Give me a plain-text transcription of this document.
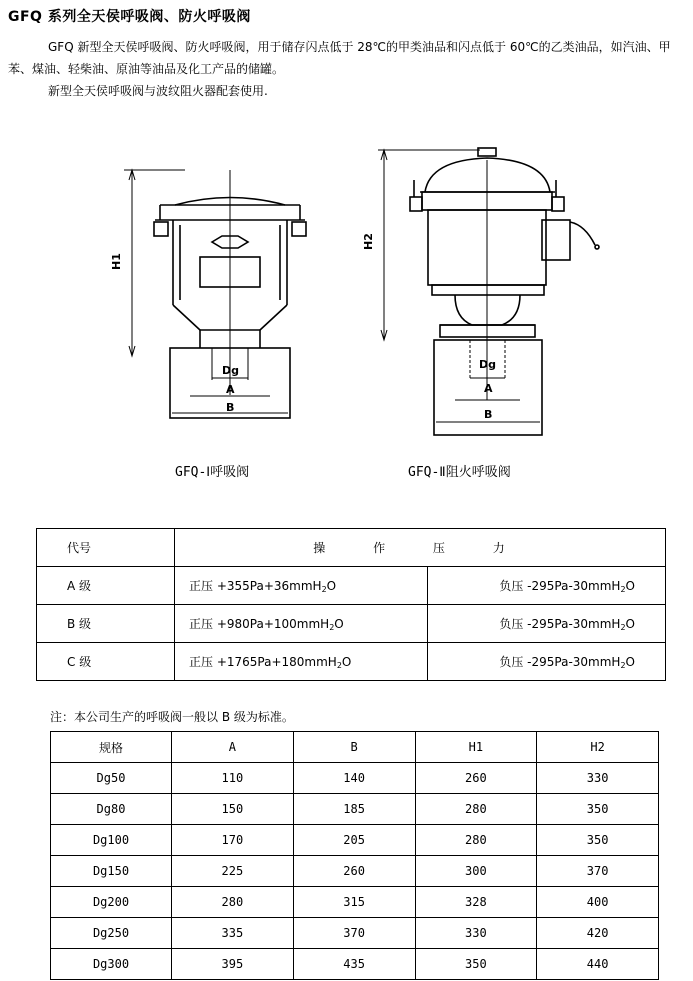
GFQ 系列全天侯呼吸阀、防火呼吸阀
GFQ 新型全天侯呼吸阀、防火呼吸阀，用于储存闪点低于 28℃的甲类油品和闪点低于 60℃的乙类油品，如汽油、甲苯、煤油、轻柴油、原油等油品及化工产品的储罐。
新型全天侯呼吸阀与波纹阻火器配套使用.
H1
Dg
A
B
H2
Dg
A
B
GFQ-Ⅰ呼吸阀	GFQ-Ⅱ阻火呼吸阀
代号	操 作 压 力	
A 级	正压 +355Pa+36mmH$_2$O	负压 -295Pa-30mmH$_2$O
B 级	正压 +980Pa+100mmH$_2$O	负压 -295Pa-30mmH$_2$O
C 级	正压 +1765Pa+180mmH$_2$O	负压 -295Pa-30mmH$_2$O
注：本公司生产的呼吸阀一般以 B 级为标准。
规格	A	B	H1	H2
Dg50	110	140	260	330
Dg80	150	185	280	350
Dg100	170	205	280	350
Dg150	225	260	300	370
Dg200	280	315	328	400
Dg250	335	370	330	420
Dg300	395	435	350	440
